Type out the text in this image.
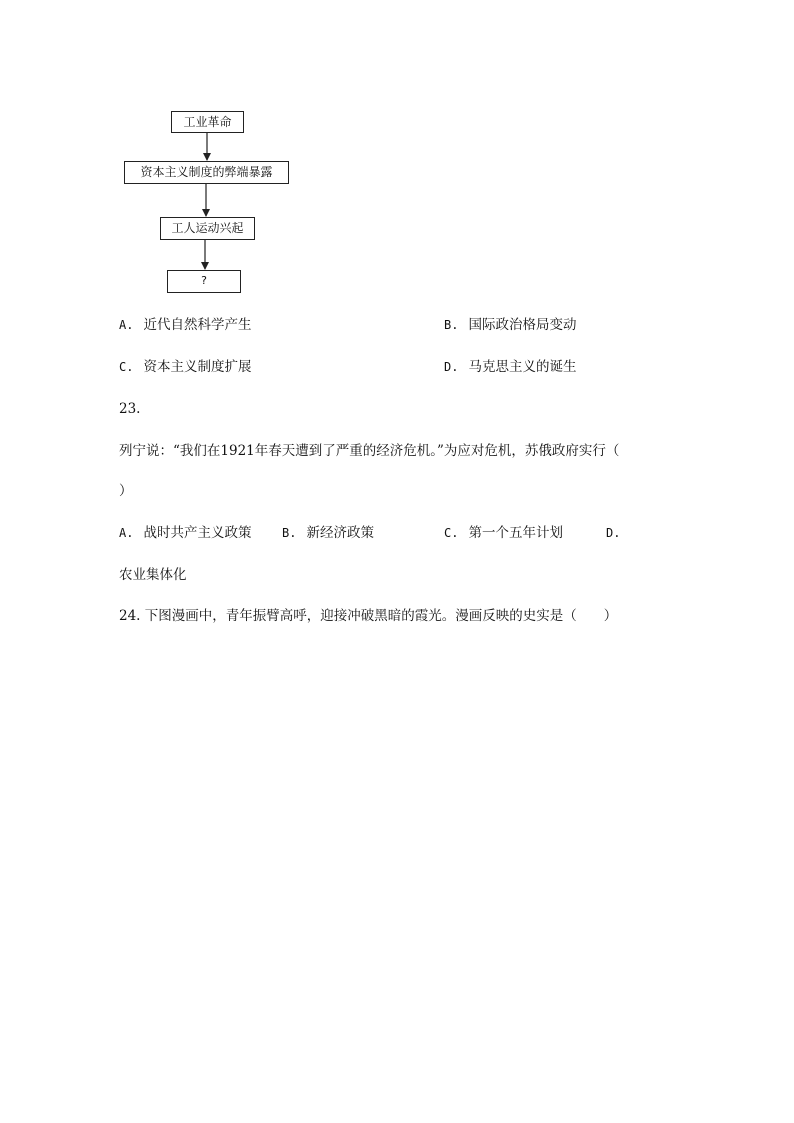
工业革命
资本主义制度的弊端暴露
工人运动兴起
?
A. 近代自然科学产生	B. 国际政治格局变动
C. 资本主义制度扩展	D. 马克思主义的诞生
23.
列宁说：“我们在1921年春天遭到了严重的经济危机。”为应对危机，苏俄政府实行（
）
A. 战时共产主义政策	B. 新经济政策	C. 第一个五年计划	D.
农业集体化
24. 下图漫画中，青年振臂高呼，迎接冲破黑暗的霞光。漫画反映的史实是（　　）
